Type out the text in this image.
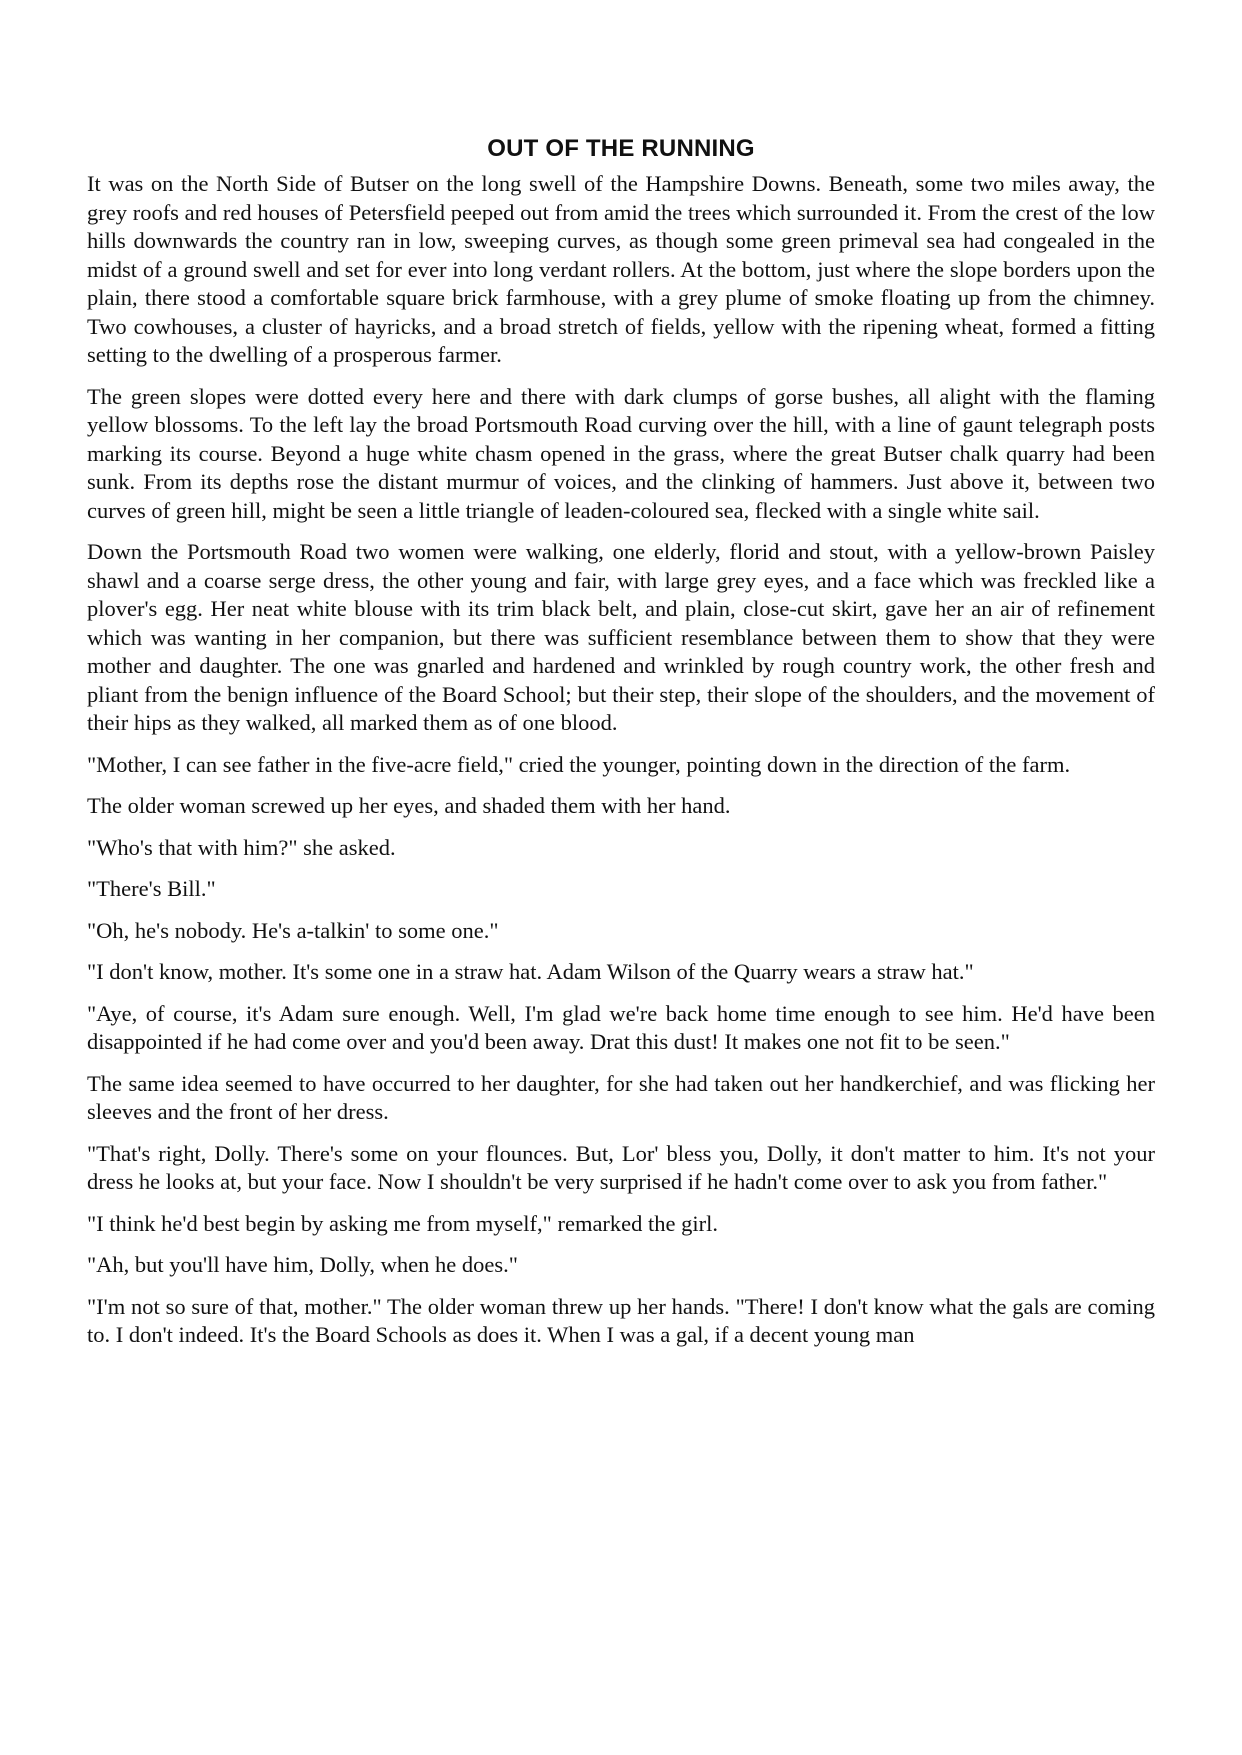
OUT OF THE RUNNING

It was on the North Side of Butser on the long swell of the Hampshire Downs. Beneath, some two miles away, the grey roofs and red houses of Petersfield peeped out from amid the trees which surrounded it. From the crest of the low hills downwards the country ran in low, sweeping curves, as though some green primeval sea had congealed in the midst of a ground swell and set for ever into long verdant rollers. At the bottom, just where the slope borders upon the plain, there stood a comfortable square brick farmhouse, with a grey plume of smoke floating up from the chimney. Two cowhouses, a cluster of hayricks, and a broad stretch of fields, yellow with the ripening wheat, formed a fitting setting to the dwelling of a prosperous farmer.

The green slopes were dotted every here and there with dark clumps of gorse bushes, all alight with the flaming yellow blossoms. To the left lay the broad Portsmouth Road curving over the hill, with a line of gaunt telegraph posts marking its course. Beyond a huge white chasm opened in the grass, where the great Butser chalk quarry had been sunk. From its depths rose the distant murmur of voices, and the clinking of hammers. Just above it, between two curves of green hill, might be seen a little triangle of leaden-coloured sea, flecked with a single white sail.

Down the Portsmouth Road two women were walking, one elderly, florid and stout, with a yellow-brown Paisley shawl and a coarse serge dress, the other young and fair, with large grey eyes, and a face which was freckled like a plover's egg. Her neat white blouse with its trim black belt, and plain, close-cut skirt, gave her an air of refinement which was wanting in her companion, but there was sufficient resemblance between them to show that they were mother and daughter. The one was gnarled and hardened and wrinkled by rough country work, the other fresh and pliant from the benign influence of the Board School; but their step, their slope of the shoulders, and the movement of their hips as they walked, all marked them as of one blood.

"Mother, I can see father in the five-acre field," cried the younger, pointing down in the direction of the farm.

The older woman screwed up her eyes, and shaded them with her hand.

"Who's that with him?" she asked.

"There's Bill."

"Oh, he's nobody. He's a-talkin' to some one."

"I don't know, mother. It's some one in a straw hat. Adam Wilson of the Quarry wears a straw hat."

"Aye, of course, it's Adam sure enough. Well, I'm glad we're back home time enough to see him. He'd have been disappointed if he had come over and you'd been away. Drat this dust! It makes one not fit to be seen."

The same idea seemed to have occurred to her daughter, for she had taken out her handkerchief, and was flicking her sleeves and the front of her dress.

"That's right, Dolly. There's some on your flounces. But, Lor' bless you, Dolly, it don't matter to him. It's not your dress he looks at, but your face. Now I shouldn't be very surprised if he hadn't come over to ask you from father."

"I think he'd best begin by asking me from myself," remarked the girl.

"Ah, but you'll have him, Dolly, when he does."

"I'm not so sure of that, mother." The older woman threw up her hands. "There! I don't know what the gals are coming to. I don't indeed. It's the Board Schools as does it. When I was a gal, if a decent young man
